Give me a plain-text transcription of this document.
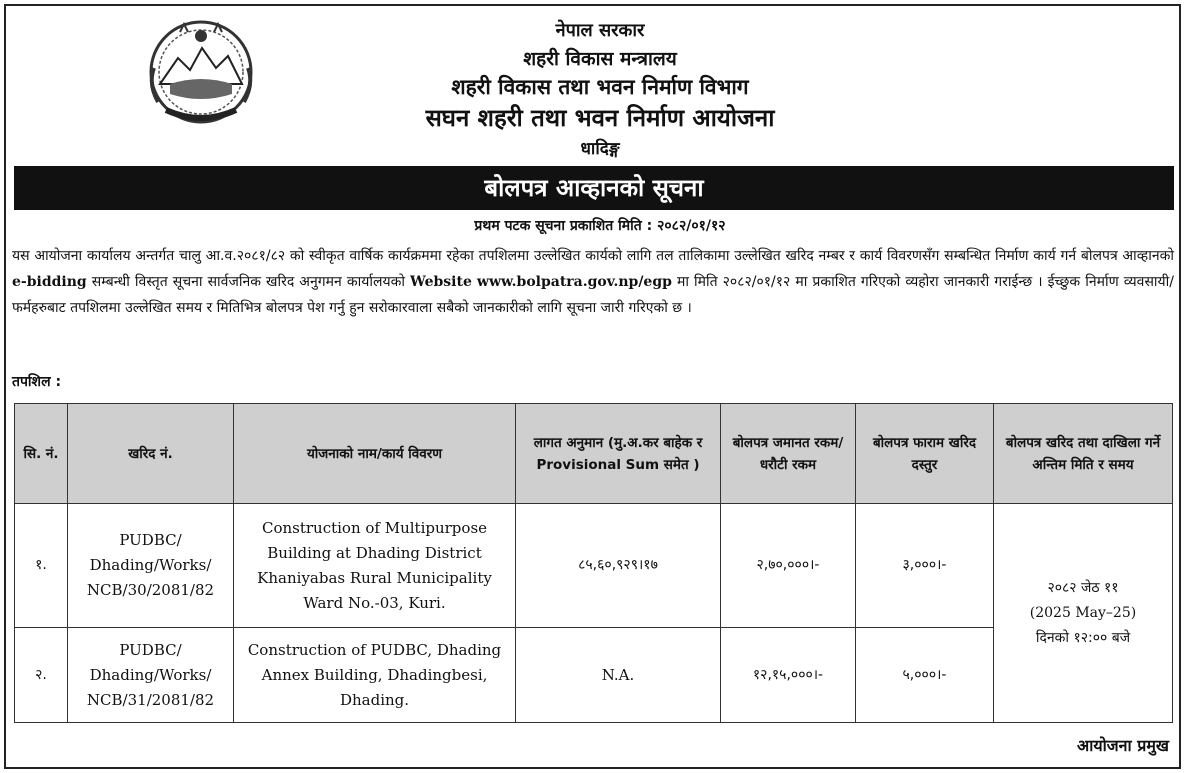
नेपाल सरकार
शहरी विकास मन्त्रालय
शहरी विकास तथा भवन निर्माण विभाग
सघन शहरी तथा भवन निर्माण आयोजना
धादिङ्ग
बोलपत्र आव्हानको सूचना
प्रथम पटक सूचना प्रकाशित मिति : २०८२/०१/१२
यस आयोजना कार्यालय अन्तर्गत चालु आ.व.२०८१/८२ को स्वीकृत वार्षिक कार्यक्रममा रहेका तपशिलमा उल्लेखित कार्यको लागि तल तालिकामा उल्लेखित खरिद नम्बर र कार्य विवरणसँग सम्बन्धित निर्माण कार्य गर्न बोलपत्र आव्हानको e-bidding सम्बन्धी विस्तृत सूचना सार्वजनिक खरिद अनुगमन कार्यालयको Website www.bolpatra.gov.np/egp मा मिति २०८२/०१/१२ मा प्रकाशित गरिएको व्यहोरा जानकारी गराईन्छ । ईच्छुक निर्माण व्यवसायी/फर्महरुबाट तपशिलमा उल्लेखित समय र मितिभित्र बोलपत्र पेश गर्नु हुन सरोकारवाला सबैको जानकारीको लागि सूचना जारी गरिएको छ ।
तपशिल :
सि. नं.	खरिद नं.	योजनाको नाम/कार्य विवरण	लागत अनुमान (मु.अ.कर बाहेक र Provisional Sum समेत )	बोलपत्र जमानत रकम/धरौटी रकम	बोलपत्र फाराम खरिद दस्तुर	बोलपत्र खरिद तथा दाखिला गर्ने अन्तिम मिति र समय
१.	PUDBC/ Dhading/Works/ NCB/30/2081/82	Construction of Multipurpose Building at Dhading District Khaniyabas Rural Municipality Ward No.-03, Kuri.	८५,६०,९२९।१७	२,७०,०००।-	३,०००।-	२०८२ जेठ ११
(2025 May–25)
दिनको १२:०० बजे

२.	PUDBC/ Dhading/Works/ NCB/31/2081/82	Construction of PUDBC, Dhading Annex Building, Dhadingbesi, Dhading.	N.A.	१२,१५,०००।-	५,०००।-	
आयोजना प्रमुख
